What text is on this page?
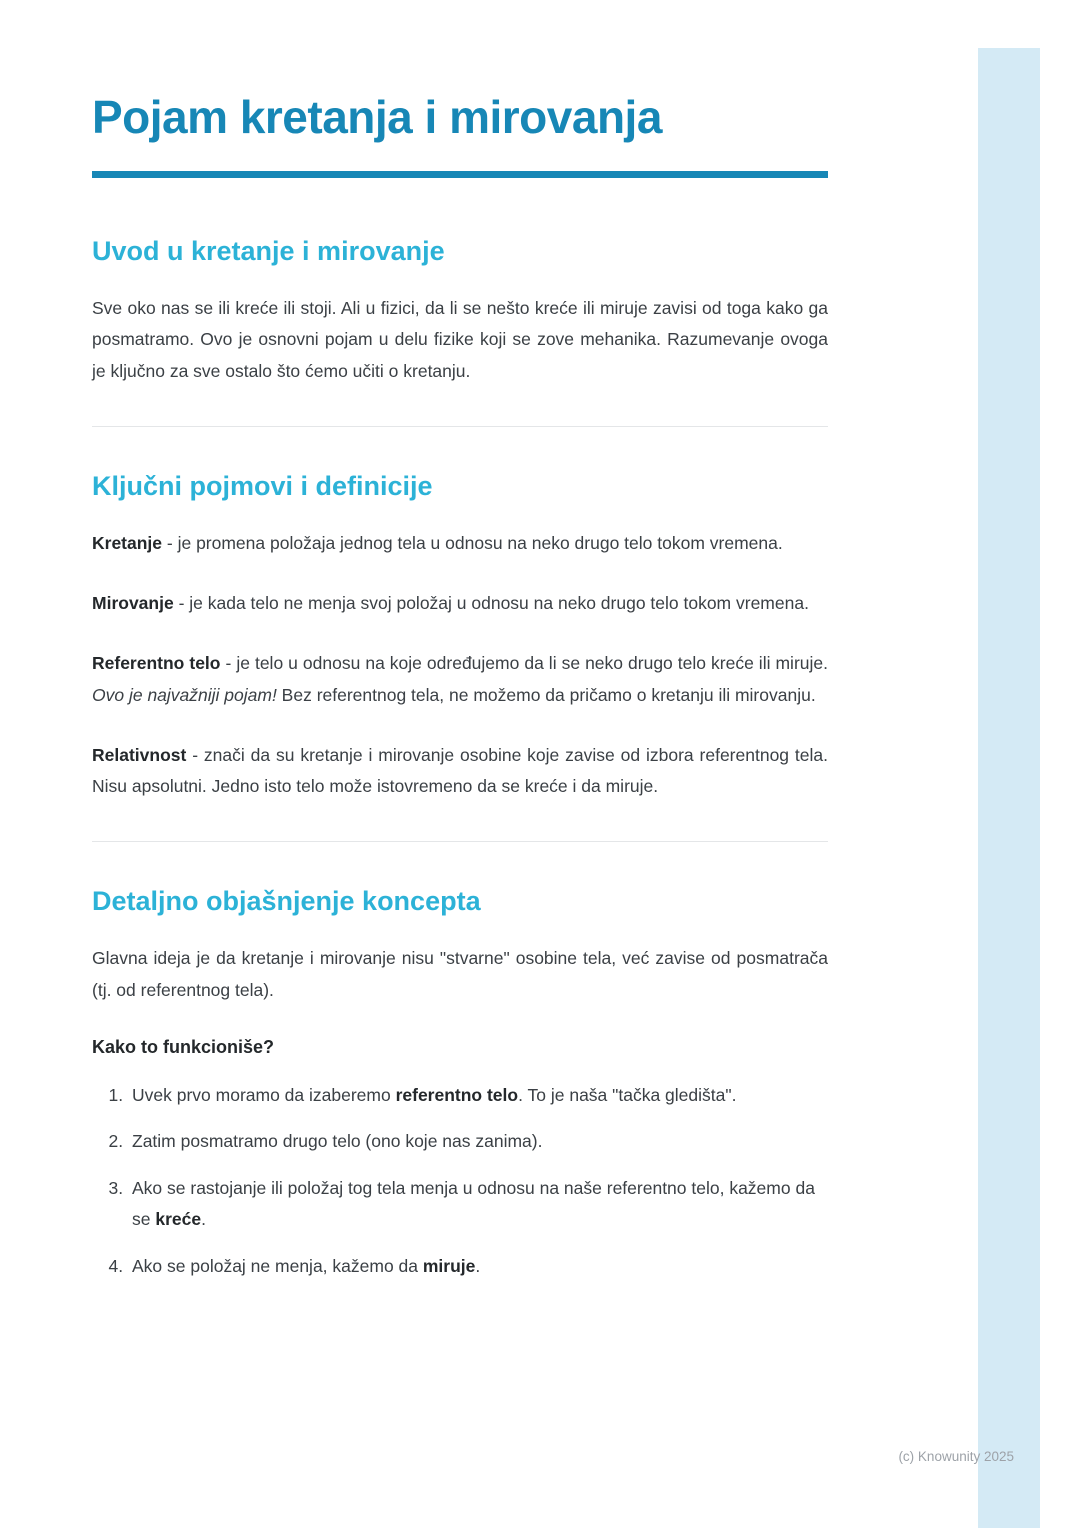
Pojam kretanja i mirovanja
Uvod u kretanje i mirovanje

Sve oko nas se ili kreće ili stoji. Ali u fizici, da li se nešto kreće ili miruje zavisi od toga kako ga posmatramo. Ovo je osnovni pojam u delu fizike koji se zove mehanika. Razumevanje ovoga je ključno za sve ostalo što ćemo učiti o kretanju.

Ključni pojmovi i definicije

Kretanje - je promena položaja jednog tela u odnosu na neko drugo telo tokom vremena.

Mirovanje - je kada telo ne menja svoj položaj u odnosu na neko drugo telo tokom vremena.

Referentno telo - je telo u odnosu na koje određujemo da li se neko drugo telo kreće ili miruje. Ovo je najvažniji pojam! Bez referentnog tela, ne možemo da pričamo o kretanju ili mirovanju.

Relativnost - znači da su kretanje i mirovanje osobine koje zavise od izbora referentnog tela. Nisu apsolutni. Jedno isto telo može istovremeno da se kreće i da miruje.

Detaljno objašnjenje koncepta

Glavna ideja je da kretanje i mirovanje nisu "stvarne" osobine tela, već zavise od posmatrača (tj. od referentnog tela).

Kako to funkcioniše?
1. Uvek prvo moramo da izaberemo referentno telo. To je naša "tačka gledišta".
2. Zatim posmatramo drugo telo (ono koje nas zanima).
3. Ako se rastojanje ili položaj tog tela menja u odnosu na naše referentno telo, kažemo da se kreće.
4. Ako se položaj ne menja, kažemo da miruje.
(c) Knowunity 2025
